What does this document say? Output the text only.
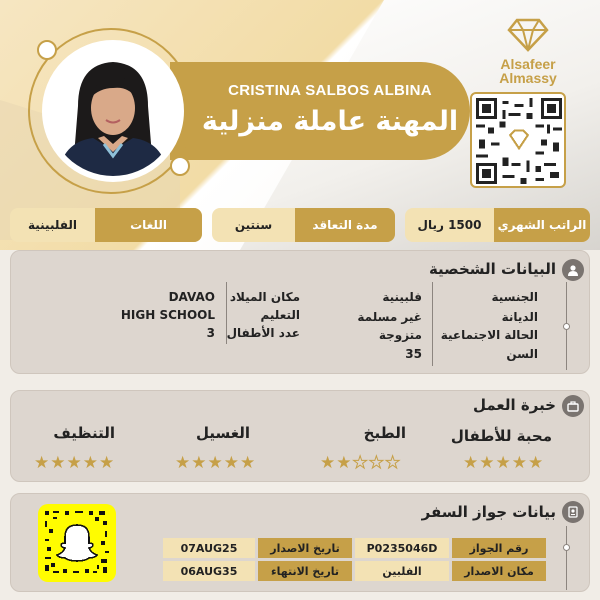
CRISTINA SALBOS ALBINA
المهنة عاملة منزلية
Alsafeer
Almassy
الراتب الشهري
1500 ريال
مدة التعاقد
سنتين
اللغات
الفلبينية
البيانات الشخصية
الجنسية
الديانة
الحالة الاجتماعية
السن
فلبينية
غير مسلمة
متزوجة
35
مكان الميلاد
التعليم
عدد الأطفال
DAVAO
HIGH SCHOOL
3
خبرة العمل
محبة للأطفال
الطبخ
الغسيل
التنظيف
★ ★ ★ ★ ★
★ ★ ★ ★ ★
★ ★ ★ ★ ★
★ ★ ★ ★ ★
بيانات جواز السفر
رقم الجواز
P0235046D
تاريخ الاصدار
07AUG25
مكان الاصدار
الفلبين
تاريخ الانتهاء
06AUG35
